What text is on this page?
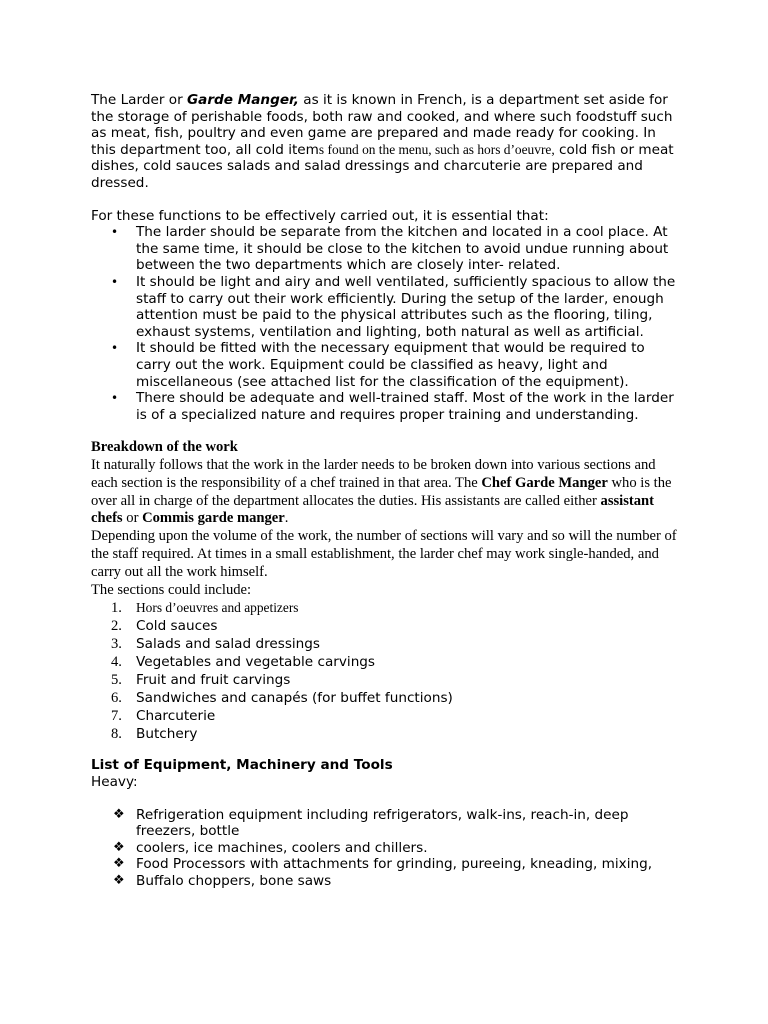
The Larder or Garde Manger, as it is known in French, is a department set aside for the storage of perishable foods, both raw and cooked, and where such foodstuff such as meat, fish, poultry and even game are prepared and made ready for cooking. In this department too, all cold items found on the menu, such as hors d’oeuvre, cold fish or meat dishes, cold sauces salads and salad dressings and charcuterie are prepared and dressed.

For these functions to be effectively carried out, it is essential that:

• The larder should be separate from the kitchen and located in a cool place. At the same time, it should be close to the kitchen to avoid undue running about between the two departments which are closely inter- related.
• It should be light and airy and well ventilated, sufficiently spacious to allow the staff to carry out their work efficiently. During the setup of the larder, enough attention must be paid to the physical attributes such as the flooring, tiling, exhaust systems, ventilation and lighting, both natural as well as artificial.
• It should be fitted with the necessary equipment that would be required to carry out the work. Equipment could be classified as heavy, light and miscellaneous (see attached list for the classification of the equipment).
• There should be adequate and well-trained staff. Most of the work in the larder is of a specialized nature and requires proper training and understanding.

Breakdown of the work

It naturally follows that the work in the larder needs to be broken down into various sections and each section is the responsibility of a chef trained in that area. The Chef Garde Manger who is the over all in charge of the department allocates the duties. His assistants are called either assistant chefs or Commis garde manger.

Depending upon the volume of the work, the number of sections will vary and so will the number of the staff required. At times in a small establishment, the larder chef may work single-handed, and carry out all the work himself.

The sections could include:

1. Hors d’oeuvres and appetizers
2. Cold sauces
3. Salads and salad dressings
4. Vegetables and vegetable carvings
5. Fruit and fruit carvings
6. Sandwiches and canapés (for buffet functions)
7. Charcuterie
8. Butchery

List of Equipment, Machinery and Tools

Heavy:

❖ Refrigeration equipment including refrigerators, walk-ins, reach-in, deep freezers, bottle
❖ coolers, ice machines, coolers and chillers.
❖ Food Processors with attachments for grinding, pureeing, kneading, mixing,
❖ Buffalo choppers, bone saws
